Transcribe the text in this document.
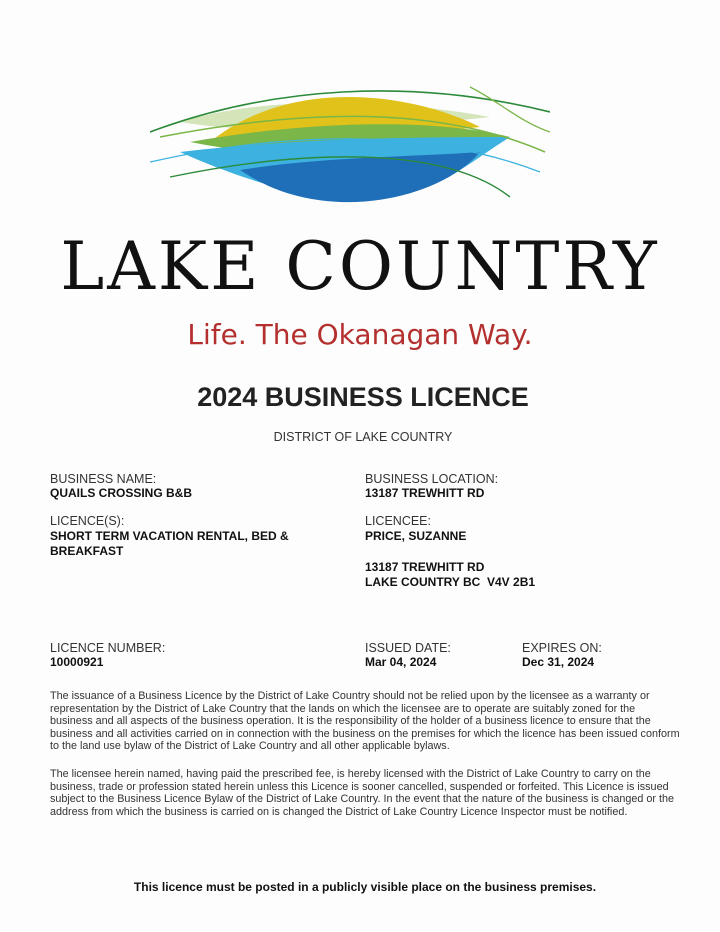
LAKE COUNTRY
Life. The Okanagan Way.
2024 BUSINESS LICENCE
DISTRICT OF LAKE COUNTRY
BUSINESS NAME:
QUAILS CROSSING B&B
BUSINESS LOCATION:
13187 TREWHITT RD
LICENCE(S):
SHORT TERM VACATION RENTAL, BED &
BREAKFAST
LICENCEE:
PRICE, SUZANNE
13187 TREWHITT RD
LAKE COUNTRY BC  V4V 2B1
LICENCE NUMBER:
10000921
ISSUED DATE:
Mar 04, 2024
EXPIRES ON:
Dec 31, 2024
The issuance of a Business Licence by the District of Lake Country should not be relied upon by the licensee as a warranty or representation by the District of Lake Country that the lands on which the licensee are to operate are suitably zoned for the business and all aspects of the business operation. It is the responsibility of the holder of a business licence to ensure that the business and all activities carried on in connection with the business on the premises for which the licence has been issued conform to the land use bylaw of the District of Lake Country and all other applicable bylaws.
The licensee herein named, having paid the prescribed fee, is hereby licensed with the District of Lake Country to carry on the business, trade or profession stated herein unless this Licence is sooner cancelled, suspended or forfeited. This Licence is issued subject to the Business Licence Bylaw of the District of Lake Country. In the event that the nature of the business is changed or the address from which the business is carried on is changed the District of Lake Country Licence Inspector must be notified.
This licence must be posted in a publicly visible place on the business premises.
